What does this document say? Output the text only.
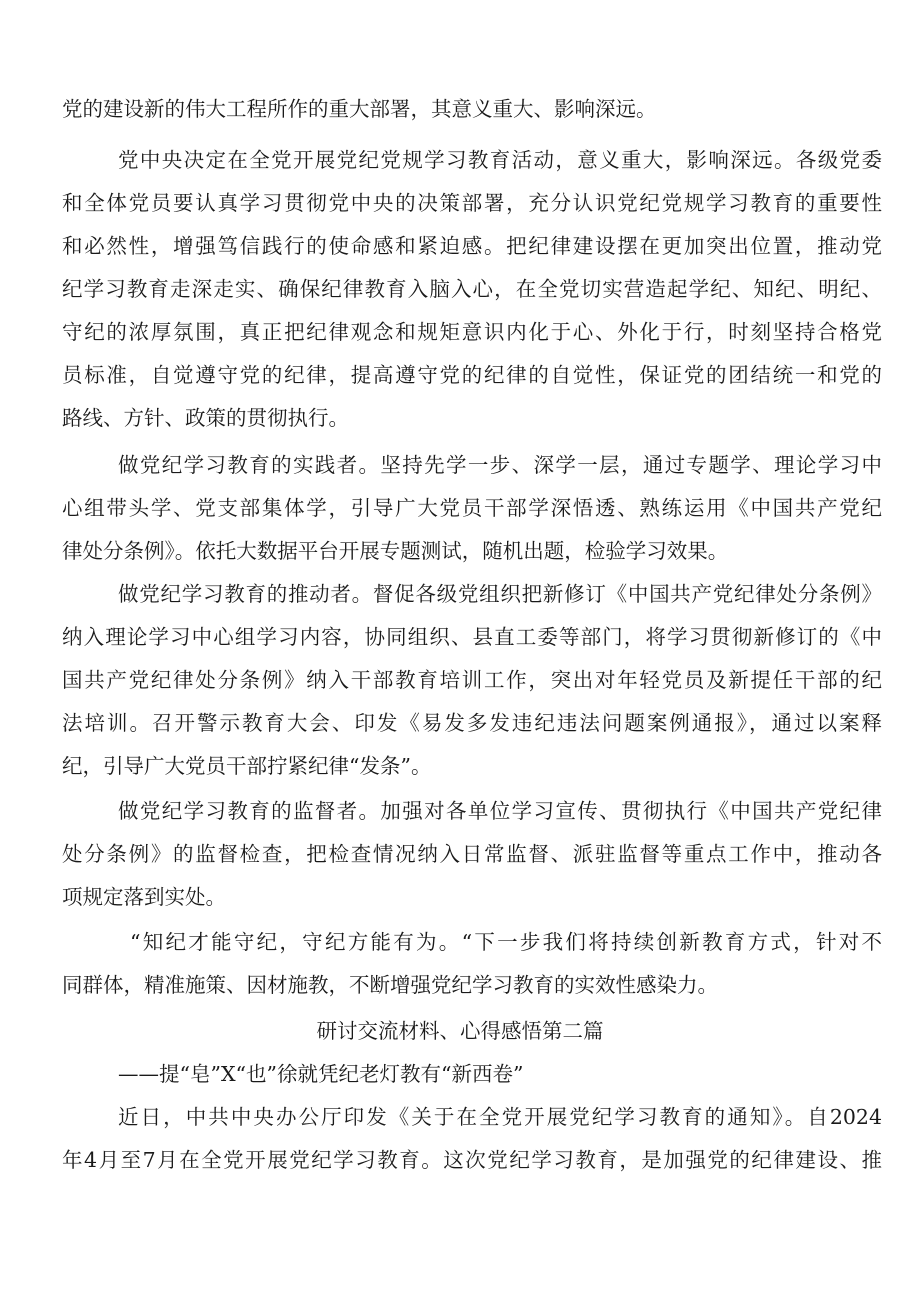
党的建设新的伟大工程所作的重大部署，其意义重大、影响深远。
党中央决定在全党开展党纪党规学习教育活动，意义重大，影响深远。各级党委
和全体党员要认真学习贯彻党中央的决策部署，充分认识党纪党规学习教育的重要性
和必然性，增强笃信践行的使命感和紧迫感。把纪律建设摆在更加突出位置，推动党
纪学习教育走深走实、确保纪律教育入脑入心，在全党切实营造起学纪、知纪、明纪、
守纪的浓厚氛围，真正把纪律观念和规矩意识内化于心、外化于行，时刻坚持合格党
员标准，自觉遵守党的纪律，提高遵守党的纪律的自觉性，保证党的团结统一和党的
路线、方针、政策的贯彻执行。
做党纪学习教育的实践者。坚持先学一步、深学一层，通过专题学、理论学习中
心组带头学、党支部集体学，引导广大党员干部学深悟透、熟练运用《中国共产党纪
律处分条例》。依托大数据平台开展专题测试，随机出题，检验学习效果。
做党纪学习教育的推动者。督促各级党组织把新修订《中国共产党纪律处分条例》
纳入理论学习中心组学习内容，协同组织、县直工委等部门，将学习贯彻新修订的《中
国共产党纪律处分条例》纳入干部教育培训工作，突出对年轻党员及新提任干部的纪
法培训。召开警示教育大会、印发《易发多发违纪违法问题案例通报》，通过以案释
纪，引导广大党员干部拧紧纪律“发条”。
做党纪学习教育的监督者。加强对各单位学习宣传、贯彻执行《中国共产党纪律
处分条例》的监督检查，把检查情况纳入日常监督、派驻监督等重点工作中，推动各
项规定落到实处。
“知纪才能守纪，守纪方能有为。“下一步我们将持续创新教育方式，针对不
同群体，精准施策、因材施教，不断增强党纪学习教育的实效性感染力。
研讨交流材料、心得感悟第二篇
——提“皂”X“也”徐就凭纪老灯教有“新西卷”
近日，中共中央办公厅印发《关于在全党开展党纪学习教育的通知》。自2024
年4月至7月在全党开展党纪学习教育。这次党纪学习教育，是加强党的纪律建设、推
